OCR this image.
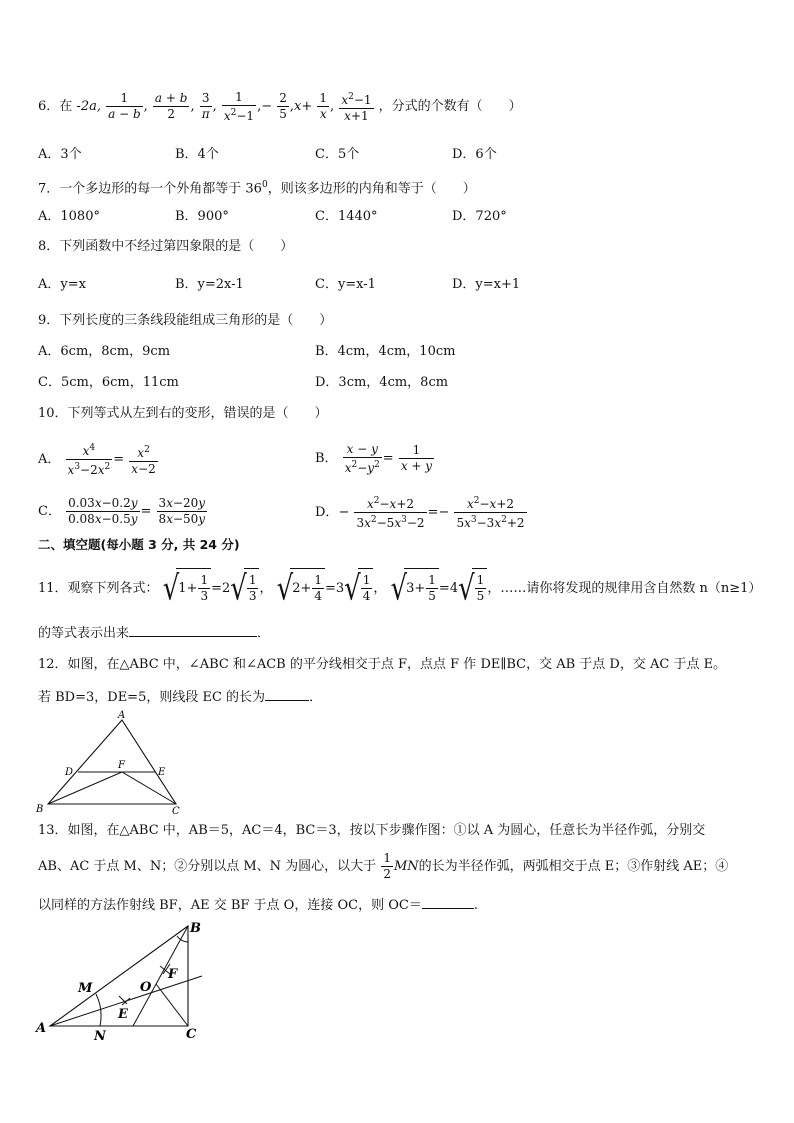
6．在 -2a, $\frac{1}{a - b}$ , $\frac{a + b}{2}$ , $\frac{3}{\pi}$ , $\frac{1}{x^2-1}$ ,− $\frac{2}{5} ,x+ \frac{1}{x}$ , $\frac{x^2-1}{x+1}$ ，分式的个数有（　　）
A．3个	B．4个	C．5个	D．6个
7．一个多边形的每一个外角都等于 $36^0$，则该多边形的内角和等于（　　）
A．1080°	B．900°	C．1440°	D．720°
8．下列函数中不经过第四象限的是（　　）
A．y=x	B．y=2x-1	C．y=x-1	D．y=x+1
9．下列长度的三条线段能组成三角形的是（　　）
A．6cm，8cm，9cm	B．4cm，4cm，10cm
C．5cm，6cm，11cm	D．3cm，4cm，8cm
10．下列等式从左到右的变形，错误的是（　　）
A． $\frac{x^4}{x^3-2x^2} = \frac{x^2}{x-2}$	B． $\frac{x - y}{x^2-y^2} = \frac{1}{x + y}$
C． $\frac{0.03x-0.2y}{0.08x-0.5y} = \frac{3x-20y}{8x-50y}$	D．− $\frac{x^2-x+2}{3x^2-5x^3-2} =- \frac{x^2-x+2}{5x^3-3x^2+2}$
二、填空题(每小题 3 分, 共 24 分)
11．观察下列各式： $√1+ \frac{1}{3} =2√ \frac{1}{3}$ ， $√2+ \frac{1}{4} =3√ \frac{1}{4}$ ， $√3+ \frac{1}{5} =4√ \frac{1}{5}$ ，……请你将发现的规律用含自然数 n（n≥1）
的等式表示出来	．
12．如图，在△ABC 中，∠ABC 和∠ACB 的平分线相交于点 F，点点 F 作 DE∥BC，交 AB 于点 D，交 AC 于点 E。
若 BD=3，DE=5，则线段 EC 的长为	．
A
D
F
E
B	C
13．如图，在△ABC 中，AB＝5，AC＝4，BC＝3，按以下步骤作图：①以 A 为圆心，任意长为半径作弧，分别交
AB、AC 于点 M、N；②分别以点 M、N 为圆心，以大于 $\frac{1}{2}$ MN的长为半径作弧，两弧相交于点 E；③作射线 AE；④
以同样的方法作射线 BF，AE 交 BF 于点 O，连接 OC，则 OC＝	.
B
M
F
O
E
A
N	C
